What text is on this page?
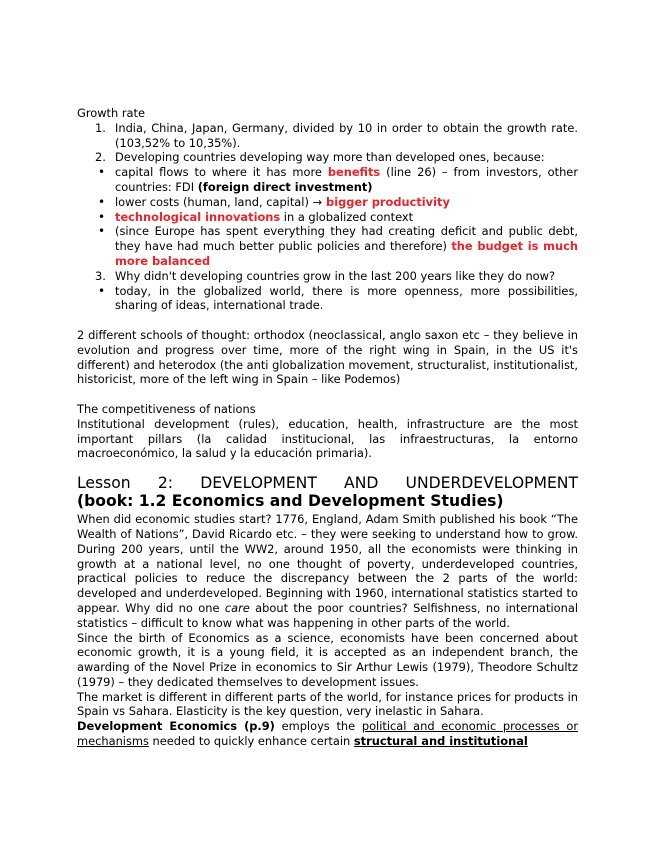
Growth rate

1. India, China, Japan, Germany, divided by 10 in order to obtain the growth rate. (103,52% to 10,35%).
2. Developing countries developing way more than developed ones, because:
• capital flows to where it has more benefits (line 26) – from investors, other countries: FDI (foreign direct investment)
• lower costs (human, land, capital) → bigger productivity
• technological innovations in a globalized context
• (since Europe has spent everything they had creating deficit and public debt, they have had much better public policies and therefore) the budget is much more balanced
3. Why didn't developing countries grow in the last 200 years like they do now?
• today, in the globalized world, there is more openness, more possibilities, sharing of ideas, international trade.

2 different schools of thought: orthodox (neoclassical, anglo saxon etc – they believe in evolution and progress over time, more of the right wing in Spain, in the US it's different) and heterodox (the anti globalization movement, structuralist, institutionalist, historicist, more of the left wing in Spain – like Podemos)

The competitiveness of nations

Institutional development (rules), education, health, infrastructure are the most important pillars (la calidad institucional, las infraestructuras, la entorno macroeconómico, la salud y la educación primaria).

Lesson 2: DEVELOPMENT AND UNDERDEVELOPMENT
(book: 1.2 Economics and Development Studies)

When did economic studies start? 1776, England, Adam Smith published his book “The Wealth of Nations”, David Ricardo etc. – they were seeking to understand how to grow. During 200 years, until the WW2, around 1950, all the economists were thinking in growth at a national level, no one thought of poverty, underdeveloped countries, practical policies to reduce the discrepancy between the 2 parts of the world: developed and underdeveloped. Beginning with 1960, international statistics started to appear. Why did no one care about the poor countries? Selfishness, no international statistics – difficult to know what was happening in other parts of the world.

Since the birth of Economics as a science, economists have been concerned about economic growth, it is a young field, it is accepted as an independent branch, the awarding of the Novel Prize in economics to Sir Arthur Lewis (1979), Theodore Schultz (1979) – they dedicated themselves to development issues.

The market is different in different parts of the world, for instance prices for products in Spain vs Sahara. Elasticity is the key question, very inelastic in Sahara.

Development Economics (p.9) employs the political and economic processes or mechanisms needed to quickly enhance certain structural and institutional
